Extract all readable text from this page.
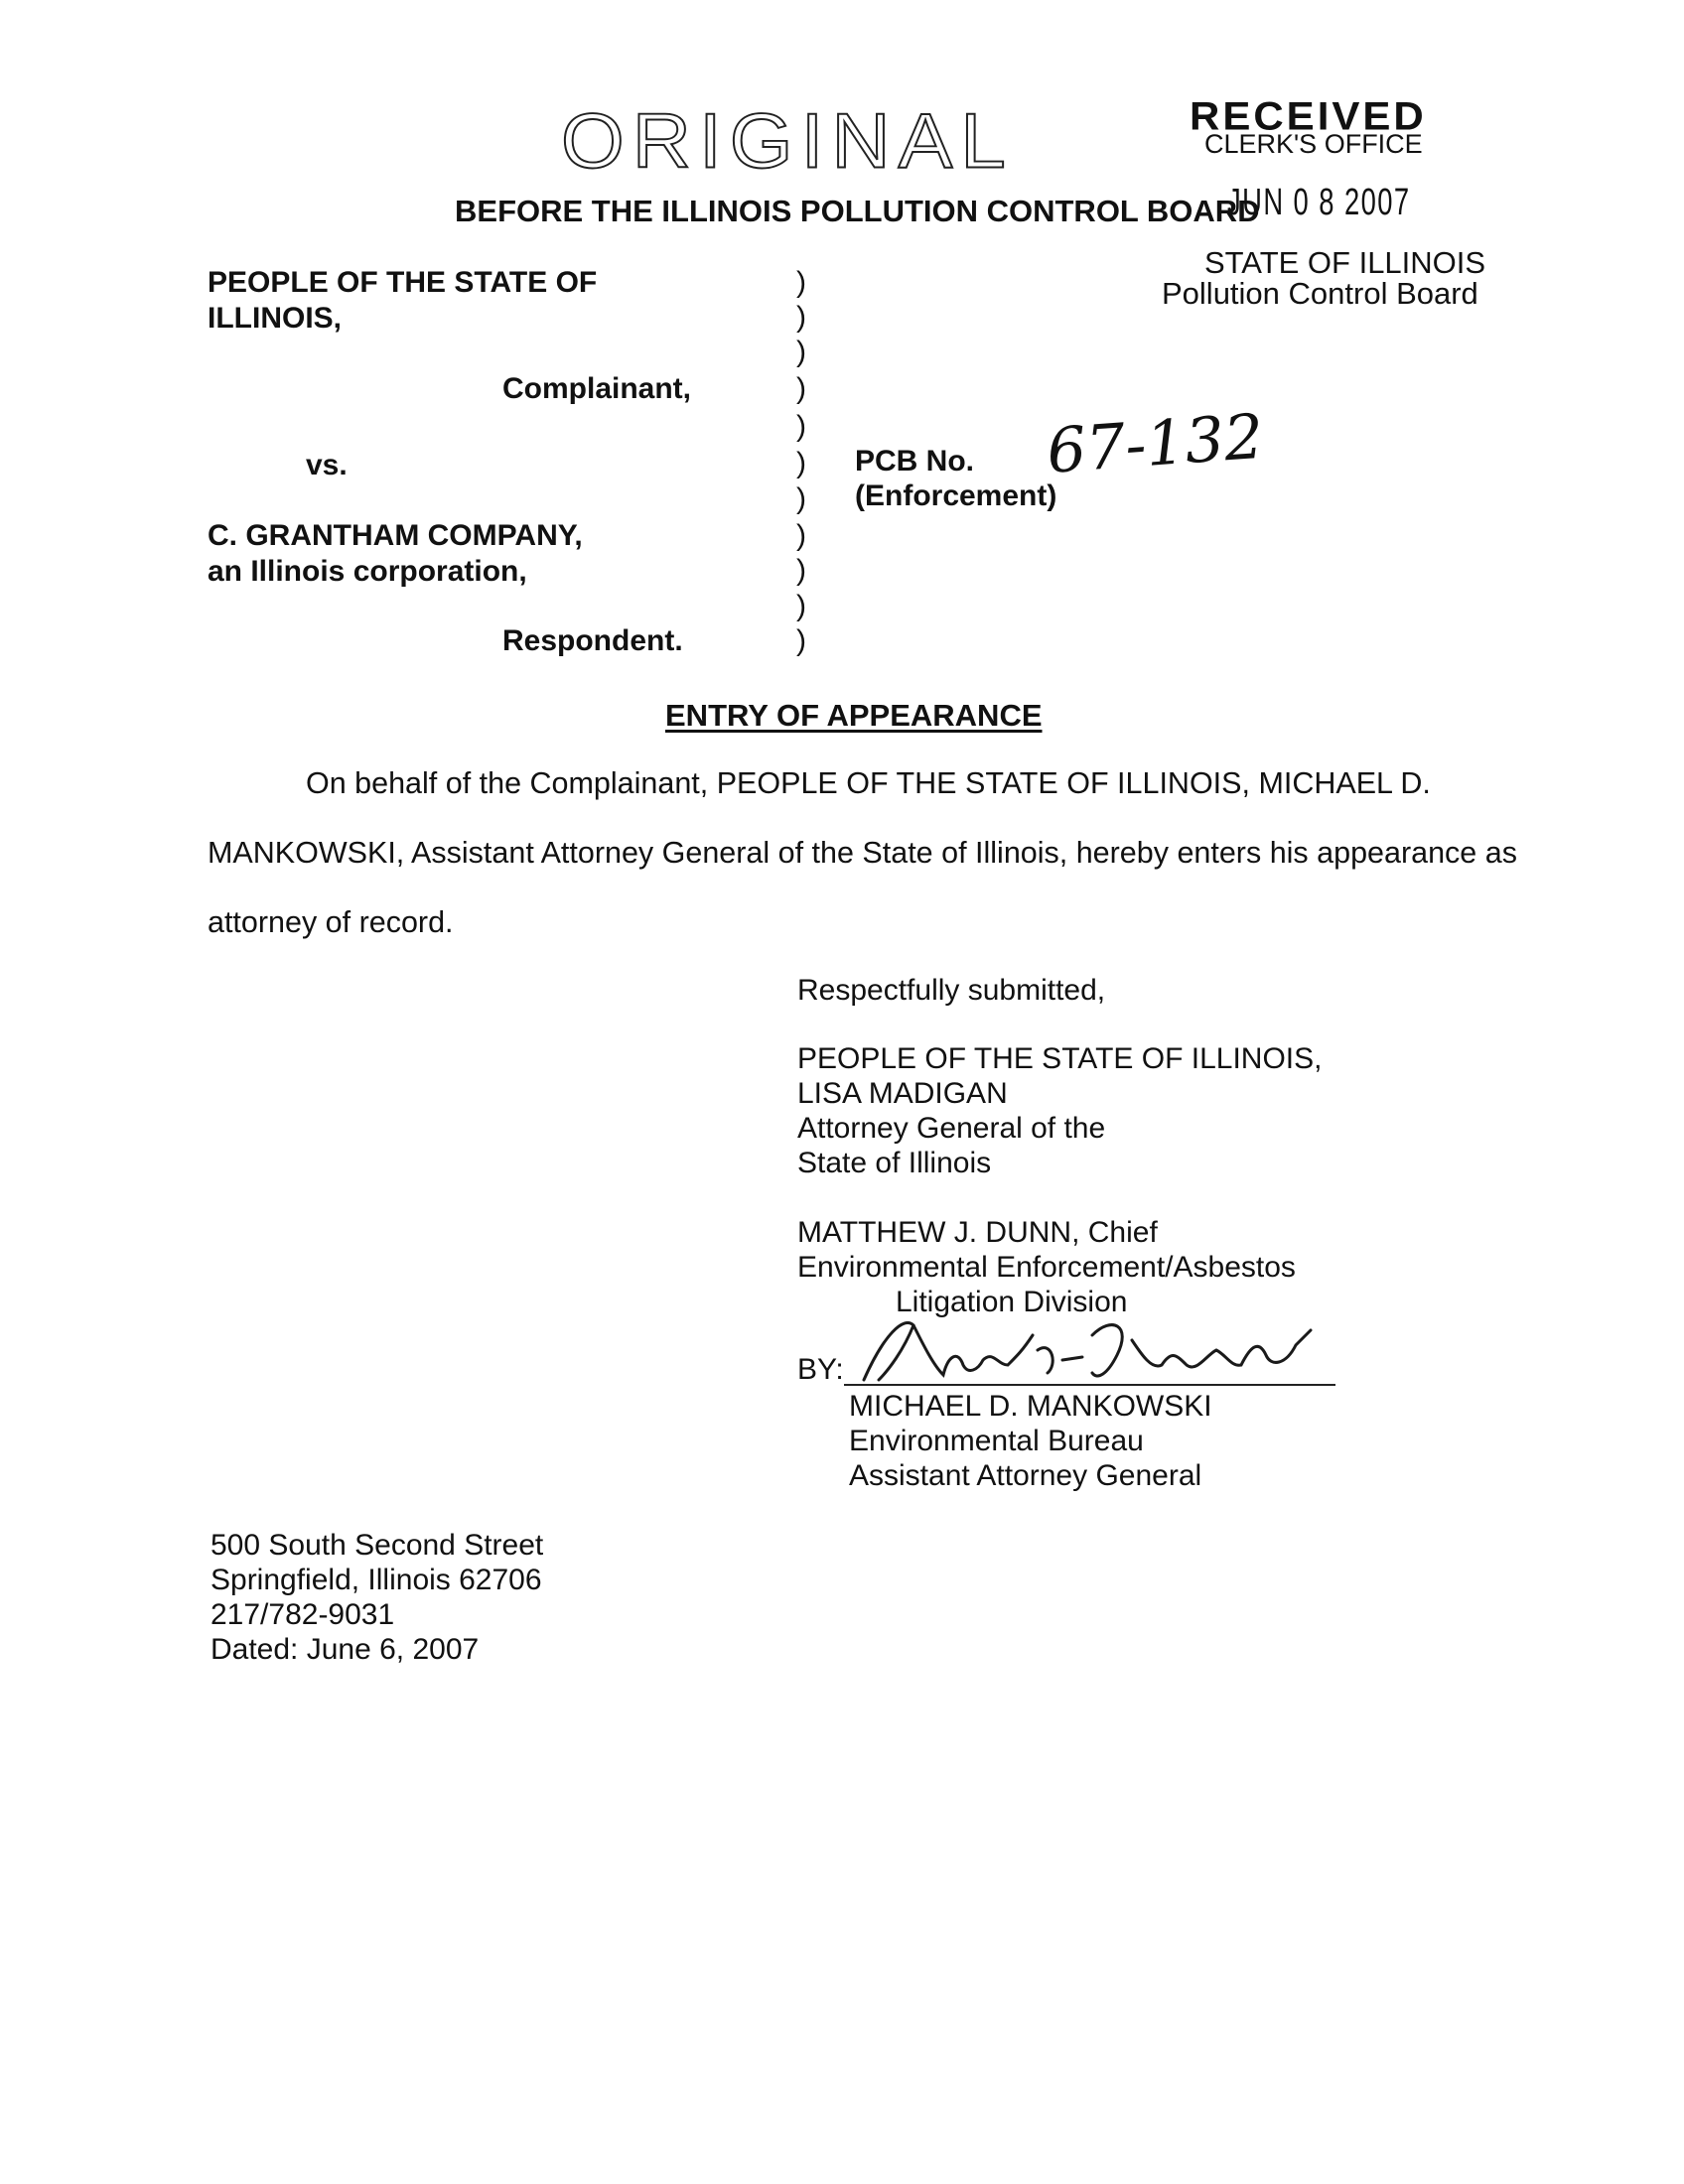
ORIGINAL	RECEIVED
CLERK'S OFFICE
JUN 0 8 2007
STATE OF ILLINOIS
Pollution Control Board
BEFORE THE ILLINOIS POLLUTION CONTROL BOARD
PEOPLE OF THE STATE OF
ILLINOIS,
Complainant,
vs.
C. GRANTHAM COMPANY,
an Illinois corporation,
Respondent.
)
)
)
)
)
)
)
)
)
)
)
PCB No. 67-132
(Enforcement)
ENTRY OF APPEARANCE
On behalf of the Complainant, PEOPLE OF THE STATE OF ILLINOIS, MICHAEL D.
MANKOWSKI, Assistant Attorney General of the State of Illinois, hereby enters his appearance as
attorney of record.
Respectfully submitted,
PEOPLE OF THE STATE OF ILLINOIS,
LISA MADIGAN
Attorney General of the
State of Illinois
MATTHEW J. DUNN, Chief
Environmental Enforcement/Asbestos
Litigation Division
BY:
MICHAEL D. MANKOWSKI
Environmental Bureau
Assistant Attorney General
500 South Second Street
Springfield, Illinois 62706
217/782-9031
Dated: June 6, 2007
